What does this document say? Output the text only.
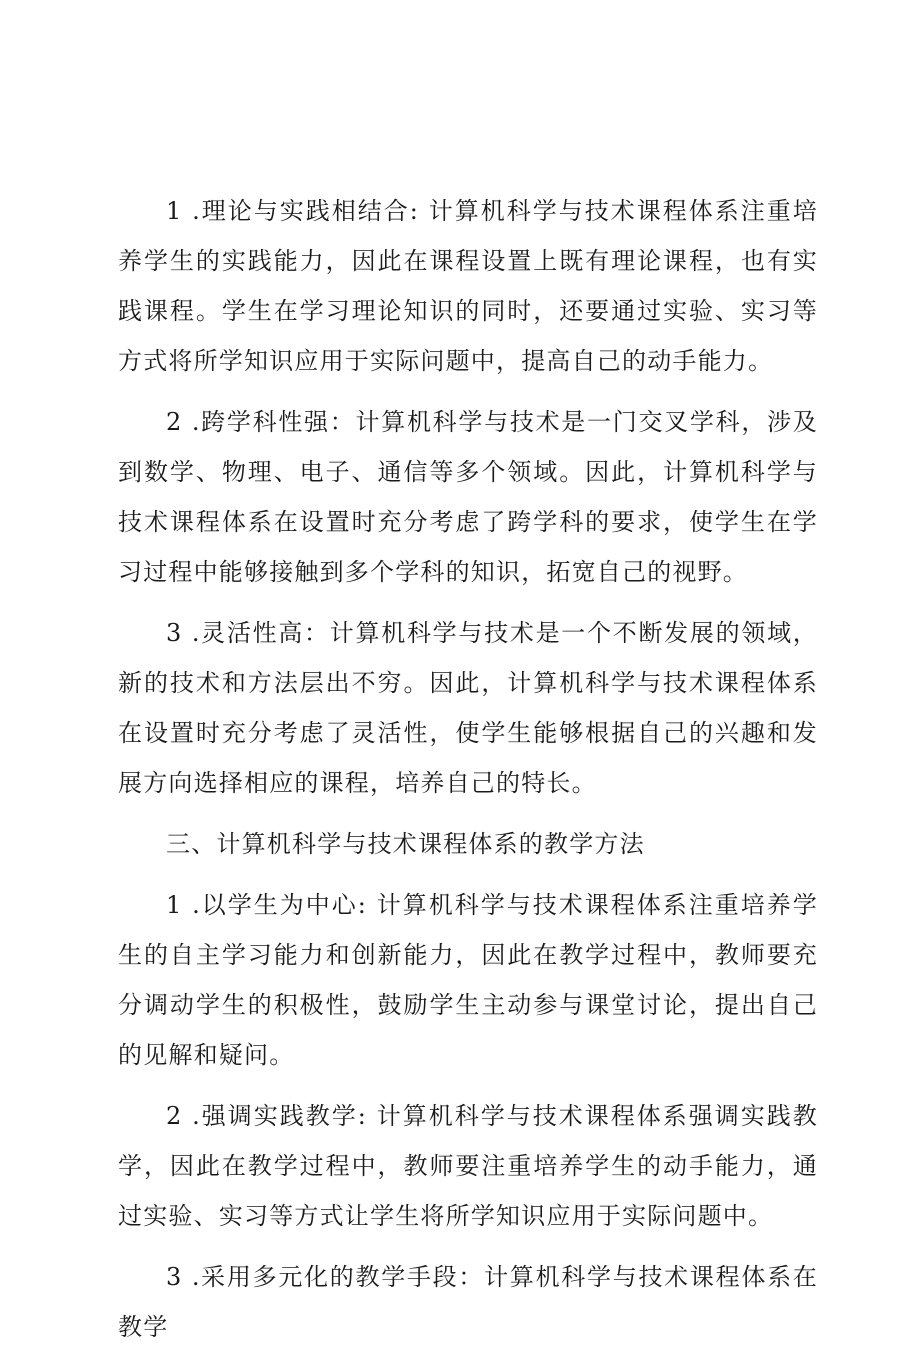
1 .理论与实践相结合: 计算机科学与技术课程体系注重培养学生的实践能力，因此在课程设置上既有理论课程，也有实践课程。学生在学习理论知识的同时，还要通过实验、实习等方式将所学知识应用于实际问题中，提高自己的动手能力。

2 .跨学科性强：计算机科学与技术是一门交叉学科，涉及到数学、物理、电子、通信等多个领域。因此，计算机科学与技术课程体系在设置时充分考虑了跨学科的要求，使学生在学习过程中能够接触到多个学科的知识，拓宽自己的视野。

3 .灵活性高：计算机科学与技术是一个不断发展的领域，新的技术和方法层出不穷。因此，计算机科学与技术课程体系在设置时充分考虑了灵活性，使学生能够根据自己的兴趣和发展方向选择相应的课程，培养自己的特长。

三、计算机科学与技术课程体系的教学方法

1 .以学生为中心: 计算机科学与技术课程体系注重培养学生的自主学习能力和创新能力，因此在教学过程中，教师要充分调动学生的积极性，鼓励学生主动参与课堂讨论，提出自己的见解和疑问。

2 .强调实践教学: 计算机科学与技术课程体系强调实践教学，因此在教学过程中，教师要注重培养学生的动手能力，通过实验、实习等方式让学生将所学知识应用于实际问题中。

3 .采用多元化的教学手段：计算机科学与技术课程体系在教学
